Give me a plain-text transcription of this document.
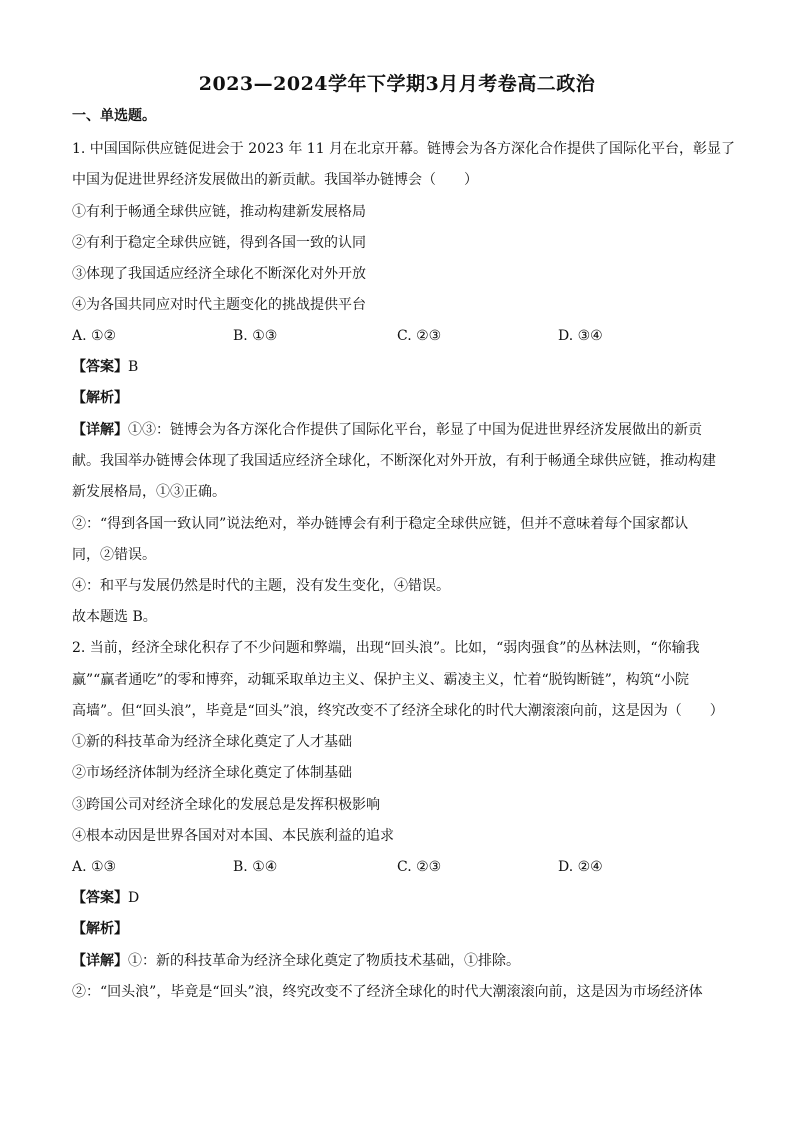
2023—2024学年下学期3月月考卷高二政治
一、单选题。
1. 中国国际供应链促进会于 2023 年 11 月在北京开幕。链博会为各方深化合作提供了国际化平台，彰显了
中国为促进世界经济发展做出的新贡献。我国举办链博会（　　）
①有利于畅通全球供应链，推动构建新发展格局
②有利于稳定全球供应链，得到各国一致的认同
③体现了我国适应经济全球化不断深化对外开放
④为各国共同应对时代主题变化的挑战提供平台
A. ①②	B. ①③	C. ②③	D. ③④
【答案】B
【解析】
【详解】①③：链博会为各方深化合作提供了国际化平台，彰显了中国为促进世界经济发展做出的新贡
献。我国举办链博会体现了我国适应经济全球化，不断深化对外开放，有利于畅通全球供应链，推动构建
新发展格局，①③正确。
②：“得到各国一致认同”说法绝对，举办链博会有利于稳定全球供应链，但并不意味着每个国家都认
同，②错误。
④：和平与发展仍然是时代的主题，没有发生变化，④错误。
故本题选 B。
2. 当前，经济全球化积存了不少问题和弊端，出现“回头浪”。比如，“弱肉强食”的丛林法则，“你输我
赢”“赢者通吃”的零和博弈，动辄采取单边主义、保护主义、霸凌主义，忙着“脱钩断链”，构筑“小院
高墙”。但“回头浪”，毕竟是“回头”浪，终究改变不了经济全球化的时代大潮滚滚向前，这是因为（　　）
①新的科技革命为经济全球化奠定了人才基础
②市场经济体制为经济全球化奠定了体制基础
③跨国公司对经济全球化的发展总是发挥积极影响
④根本动因是世界各国对对本国、本民族利益的追求
A. ①③	B. ①④	C. ②③	D. ②④
【答案】D
【解析】
【详解】①：新的科技革命为经济全球化奠定了物质技术基础，①排除。
②：“回头浪”，毕竟是“回头”浪，终究改变不了经济全球化的时代大潮滚滚向前，这是因为市场经济体
